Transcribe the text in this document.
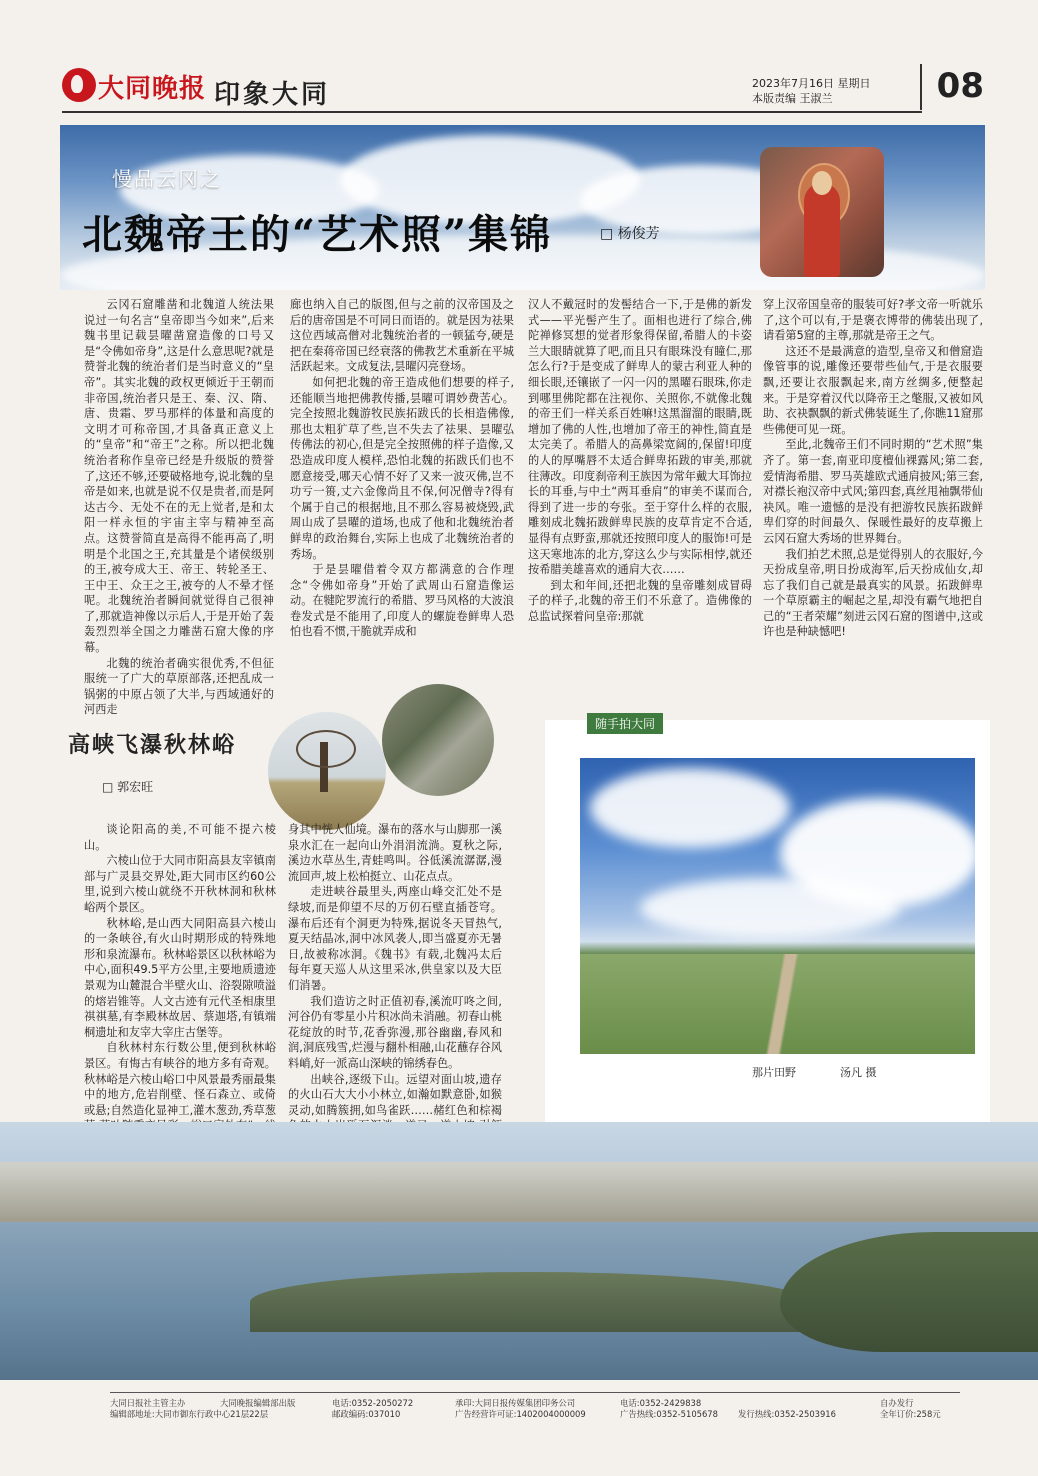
大同晚报 印象大同	2023年7月16日 星期日
本版责编 王淑兰	08
慢品云冈之
北魏帝王的“艺术照”集锦	□ 杨俊芳

云冈石窟雕凿和北魏道人统法果说过一句名言“皇帝即当今如来”,后来魏书里记载昙曜凿窟造像的口号又是“令佛如帝身”,这是什么意思呢?就是赞誉北魏的统治者们是当时意义的“皇帝”。其实北魏的政权更倾近于王朝而非帝国,统治者只是王、秦、汉、隋、唐、贵霜、罗马那样的体量和高度的文明才可称帝国,才具备真正意义上的“皇帝”和“帝王”之称。所以把北魏统治者称作皇帝已经是升级版的赞誉了,这还不够,还要破格地夸,说北魏的皇帝是如来,也就是说不仅是贵者,而是阿达古今、无处不在的无上觉者,是和太阳一样永恒的宇宙主宰与精神至高点。这赞誉简直是高得不能再高了,明明是个北国之王,充其量是个诸侯级别的王,被夸成大王、帝王、转轮圣王、王中王、众王之王,被夸的人不晕才怪呢。北魏统治者瞬间就觉得自己很神了,那就造神像以示后人,于是开始了轰轰烈烈举全国之力雕凿石窟大像的序幕。

北魏的统治者确实很优秀,不但征服统一了广大的草原部落,还把乱成一锅粥的中原占领了大半,与西域通好的河西走

廊也纳入自己的版图,但与之前的汉帝国及之后的唐帝国是不可同日而语的。就是因为祛果这位西域高僧对北魏统治者的一顿猛夸,硬是把在秦蒋帝国已经衰落的佛教艺术重新在平城活跃起来。文成复法,昙曜闪亮登场。

如何把北魏的帝王造成他们想要的样子,还能顺当地把佛教传播,昙曜可谓妙费苦心。完全按照北魏游牧民族拓跋氏的长相造佛像,那也太粗犷草了些,岂不失去了祛果、昙曜弘传佛法的初心,但是完全按照佛的样子造像,又恐造成印度人模样,恐怕北魏的拓跋氏们也不愿意接受,哪天心情不好了又来一波灭佛,岂不功亏一篑,丈六金像尚且不保,何况僧寺?得有个属于自己的根据地,且不那么容易被烧毁,武周山成了昙曜的道场,也成了他和北魏统治者鲜卑的政治舞台,实际上也成了北魏统治者的秀场。

于是昙曜借着令双方都满意的合作理念“令佛如帝身”开始了武周山石窟造像运动。在犍陀罗流行的希腊、罗马风格的大波浪卷发式是不能用了,印度人的螺旋卷鲜卑人恐怕也看不惯,干脆就弄成和

汉人不戴冠时的发髻结合一下,于是佛的新发式——平光髻产生了。面相也进行了综合,佛陀禅修冥想的觉者形象得保留,希腊人的卡姿兰大眼睛就算了吧,而且只有眼珠没有瞳仁,那怎么行?于是变成了鲜卑人的蒙古利亚人种的细长眼,还镶嵌了一闪一闪的黑曜石眼珠,你走到哪里佛陀都在注视你、关照你,不就像北魏的帝王们一样关系百姓嘛!这黑溜溜的眼睛,既增加了佛的人性,也增加了帝王的神性,简直是太完美了。希腊人的高鼻梁宽阔的,保留!印度的人的厚嘴唇不太适合鲜卑拓跋的审美,那就往薄改。印度刹帝利王族因为常年戴大耳饰拉长的耳垂,与中土“两耳垂肩”的审美不谋而合,得到了进一步的夸张。至于穿什么样的衣服,雕刻成北魏拓跋鲜卑民族的皮草肯定不合适,显得有点野蛮,那就还按照印度人的服饰!可是这天寒地冻的北方,穿这么少与实际相悖,就还按希腊美雄喜欢的通肩大衣……

到太和年间,还把北魏的皇帝雕刻成冒碍子的样子,北魏的帝王们不乐意了。造佛像的总监试探着问皇帝:那就

穿上汉帝国皇帝的服装可好?孝文帝一听就乐了,这个可以有,于是褒衣博带的佛装出现了,请看第5窟的主尊,那就是帝王之气。

这还不是最满意的造型,皇帝又和僧窟造像管事的说,雕像还要带些仙气,于是衣服要飘,还要让衣服飘起来,南方丝绸多,便整起来。于是穿着汉代以降帝王之氅服,又被如风助、衣袂飘飘的新式佛装诞生了,你瞧11窟那些佛便可见一斑。

至此,北魏帝王们不同时期的“艺术照”集齐了。第一套,南亚印度檀仙裸露风;第二套,爱情海希腊、罗马英雄欧式通肩披风;第三套,对襟长袍汉帝中式风;第四套,真丝甩袖飘带仙袂风。唯一遗憾的是没有把游牧民族拓跋鲜卑们穿的时间最久、保暖性最好的皮草搬上云冈石窟大秀场的世界舞台。

我们拍艺术照,总是觉得别人的衣服好,今天扮成皇帝,明日扮成海军,后天扮成仙女,却忘了我们自己就是最真实的风景。拓跋鲜卑一个草原霸主的崛起之星,却没有霸气地把自己的“王者荣耀”刻进云冈石窟的图谱中,这或许也是种缺憾吧!

高峡飞瀑秋林峪
□ 郭宏旺

谈论阳高的美,不可能不提六棱山。

六棱山位于大同市阳高县友宰镇南部与广灵县交界处,距大同市区约60公里,说到六棱山就绕不开秋林洞和秋林峪两个景区。

秋林峪,是山西大同阳高县六棱山的一条峡谷,有火山时期形成的特殊地形和泉流瀑布。秋林峪景区以秋林峪为中心,面积49.5平方公里,主要地质遗迹景观为山麓混合半壁火山、浴裂隙喷溢的熔岩锥等。人文古迹有元代圣相康里祺祺墓,有李殿林故居、蔡迦塔,有镇端桐遗址和友宰大宰庄古堡等。

自秋林村东行数公里,便到秋林峪景区。有悔古有峡谷的地方多有奇观。秋林峪是六棱山峪口中风景最秀丽最集中的地方,危岩削壁、怪石森立、或倚或悬;自然造化显神工,灌木葱劲,秀草葱

身其中恍人仙境。瀑布的落水与山脚那一溪泉水汇在一起向山外涓涓流淌。夏秋之际,溪边水草丛生,青蛙鸣叫。谷低溪流潺潺,漫流回声,坡上松柏挺立、山花点点。

走进峡谷最里头,两座山峰交汇处不是绿坡,而是仰望不尽的万仞石壁直插苍穹。瀑布后还有个洞更为特殊,据说冬天冒热气,夏天结晶冰,洞中冰风袭人,即当盛夏亦无暑日,故被称冰洞。《魏书》有载,北魏冯太后每年夏天巡人从这里采冰,供皇家以及大臣们消暑。

我们造访之时正值初春,溪流叮咚之间,河谷仍有零星小片积冰尚未消融。初春山桃花绽放的时节,花香弥漫,那谷幽幽,春风和润,洞底残雪,烂漫与翻朴相融,山花蘸存谷风料峭,好一派高山深峡的锦绣春色。

出峡谷,逐级下山。远望对面山坡,遗存的火山石大大小小林立,如瀚如默意卧,如猴灵动,如腾簇拥,如鸟雀跃……赭红色和棕褐

随手拍大同
那片田野	汤凡 摄
大同日报社主管主办	大同晚报编辑部出版	电话:0352-2050272
编辑部地址:大同市御东行政中心21层22层	邮政编码:037010
承印:大同日报传媒集团印务公司	电话:0352-2429838
广告经营许可证:1402004000009	广告热线:0352-5105678 发行热线:0352-2503916
自办发行
全年订价:258元
